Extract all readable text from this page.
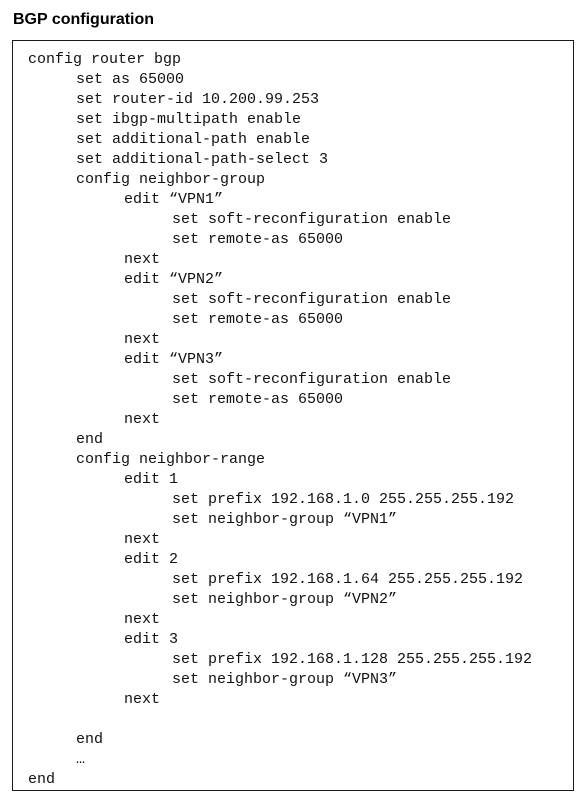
BGP configuration
config router bgp
set as 65000
set router-id 10.200.99.253
set ibgp-multipath enable
set additional-path enable
set additional-path-select 3
config neighbor-group
edit “VPN1”
set soft-reconfiguration enable
set remote-as 65000
next
edit “VPN2”
set soft-reconfiguration enable
set remote-as 65000
next
edit “VPN3”
set soft-reconfiguration enable
set remote-as 65000
next
end
config neighbor-range
edit 1
set prefix 192.168.1.0 255.255.255.192
set neighbor-group “VPN1”
next
edit 2
set prefix 192.168.1.64 255.255.255.192
set neighbor-group “VPN2”
next
edit 3
set prefix 192.168.1.128 255.255.255.192
set neighbor-group “VPN3”
next
end
…
end
